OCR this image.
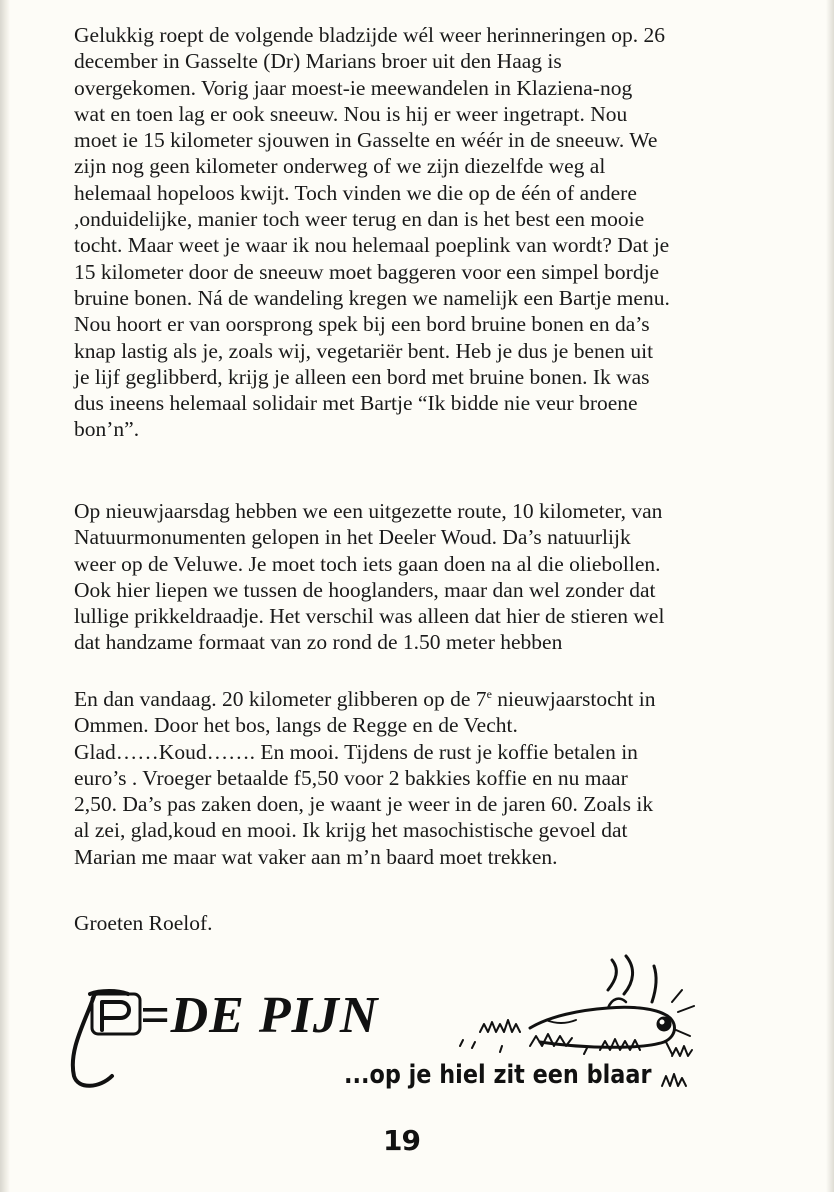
Gelukkig roept de volgende bladzijde wél weer herinneringen op. 26
december in Gasselte (Dr) Marians broer uit den Haag is
overgekomen. Vorig jaar moest-ie meewandelen in Klaziena-nog
wat en toen lag er ook sneeuw. Nou is hij er weer ingetrapt. Nou
moet ie 15 kilometer sjouwen in Gasselte en wéér in de sneeuw. We
zijn nog geen kilometer onderweg of we zijn diezelfde weg al
helemaal hopeloos kwijt. Toch vinden we die op de één of andere
,onduidelijke, manier toch weer terug en dan is het best een mooie
tocht. Maar weet je waar ik nou helemaal poeplink van wordt? Dat je
15 kilometer door de sneeuw moet baggeren voor een simpel bordje
bruine bonen. Ná de wandeling kregen we namelijk een Bartje menu.
Nou hoort er van oorsprong spek bij een bord bruine bonen en da’s
knap lastig als je, zoals wij, vegetariër bent. Heb je dus je benen uit
je lijf geglibberd, krijg je alleen een bord met bruine bonen. Ik was
dus ineens helemaal solidair met Bartje “Ik bidde nie veur broene
bon’n”.
Op nieuwjaarsdag hebben we een uitgezette route, 10 kilometer, van
Natuurmonumenten gelopen in het Deeler Woud. Da’s natuurlijk
weer op de Veluwe. Je moet toch iets gaan doen na al die oliebollen.
Ook hier liepen we tussen de hooglanders, maar dan wel zonder dat
lullige prikkeldraadje. Het verschil was alleen dat hier de stieren wel
dat handzame formaat van zo rond de 1.50 meter hebben
En dan vandaag. 20 kilometer glibberen op de 7e nieuwjaarstocht in
Ommen. Door het bos, langs de Regge en de Vecht.
Glad……Koud……. En mooi. Tijdens de rust je koffie betalen in
euro’s . Vroeger betaalde f5,50 voor 2 bakkies koffie en nu maar
2,50. Da’s pas zaken doen, je waant je weer in de jaren 60. Zoals ik
al zei, glad,koud en mooi. Ik krijg het masochistische gevoel dat
Marian me maar wat vaker aan m’n baard moet trekken.
Groeten Roelof.
=DE PIJN
...op je hiel zit een blaar
19
